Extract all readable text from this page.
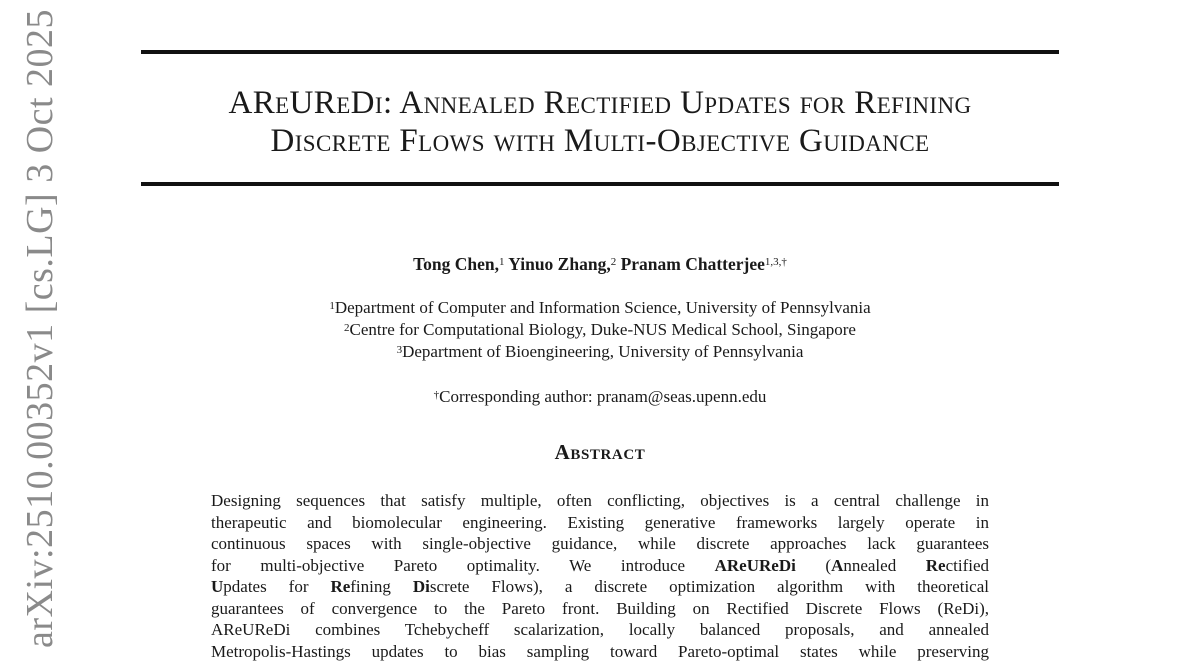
AReUReDi: Annealed Rectified Updates for Refining
Discrete Flows with Multi-Objective Guidance
Tong Chen,$^1$ Yinuo Zhang,$^2$ Pranam Chatterjee$^{1,3,\dagger}$
$^1$Department of Computer and Information Science, University of Pennsylvania
$^2$Centre for Computational Biology, Duke-NUS Medical School, Singapore
$^3$Department of Bioengineering, University of Pennsylvania
†Corresponding author: pranam@seas.upenn.edu
Abstract
Designing sequences that satisfy multiple, often conflicting, objectives is a central challenge in
therapeutic and biomolecular engineering. Existing generative frameworks largely operate in
continuous spaces with single-objective guidance, while discrete approaches lack guarantees
for multi-objective Pareto optimality. We introduce AReUReDi (Annealed Rectified
Updates for Refining Discrete Flows), a discrete optimization algorithm with theoretical
guarantees of convergence to the Pareto front. Building on Rectified Discrete Flows (ReDi),
AReUReDi combines Tchebycheff scalarization, locally balanced proposals, and annealed
Metropolis-Hastings updates to bias sampling toward Pareto-optimal states while preserving
arXiv:2510.00352v1 [cs.LG] 3 Oct 2025
